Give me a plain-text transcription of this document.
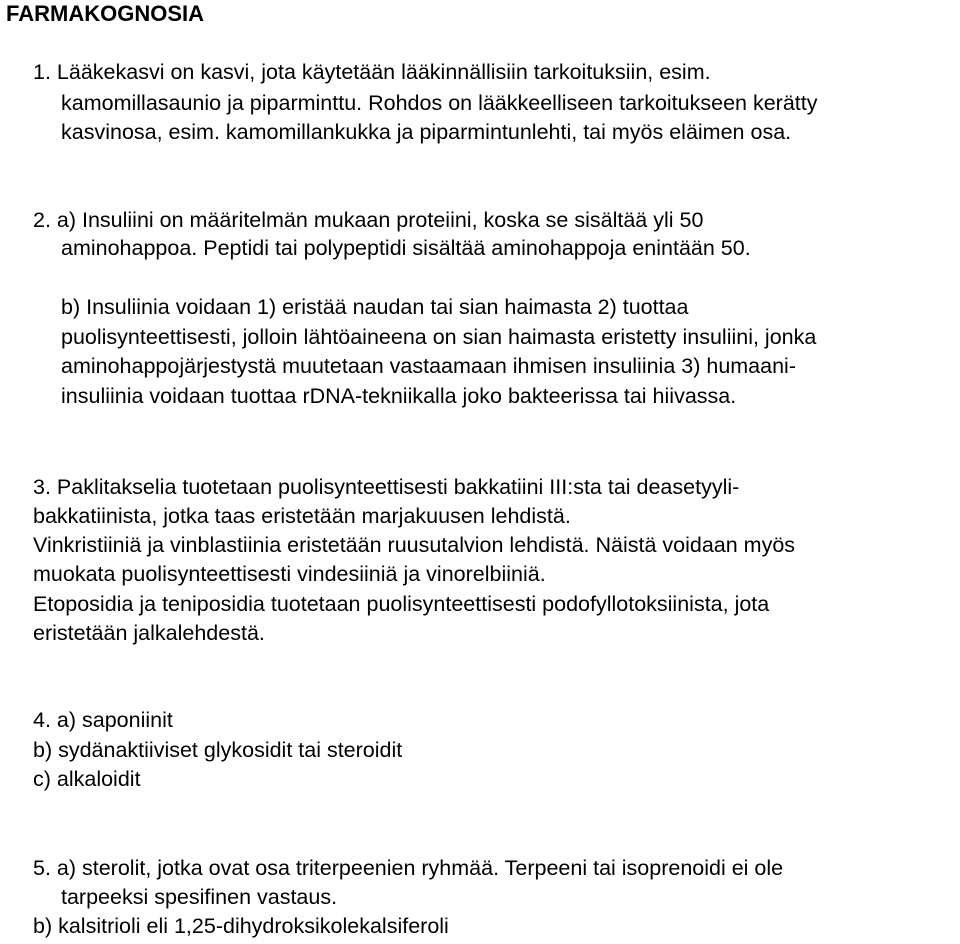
FARMAKOGNOSIA
1. Lääkekasvi on kasvi, jota käytetään lääkinnällisiin tarkoituksiin, esim.
kamomillasaunio ja piparminttu. Rohdos on lääkkeelliseen tarkoitukseen kerätty
kasvinosa, esim. kamomillankukka ja piparmintunlehti, tai myös eläimen osa.
2. a) Insuliini on määritelmän mukaan proteiini, koska se sisältää yli 50
aminohappoa. Peptidi tai polypeptidi sisältää aminohappoja enintään 50.
b) Insuliinia voidaan 1) eristää naudan tai sian haimasta 2) tuottaa
puolisynteettisesti, jolloin lähtöaineena on sian haimasta eristetty insuliini, jonka
aminohappojärjestystä muutetaan vastaamaan ihmisen insuliinia 3) humaani-
insuliinia voidaan tuottaa rDNA-tekniikalla joko bakteerissa tai hiivassa.
3. Paklitakselia tuotetaan puolisynteettisesti bakkatiini III:sta tai deasetyyli-
bakkatiinista, jotka taas eristetään marjakuusen lehdistä.
Vinkristiiniä ja vinblastiinia eristetään ruusutalvion lehdistä. Näistä voidaan myös
muokata puolisynteettisesti vindesiiniä ja vinorelbiiniä.
Etoposidia ja teniposidia tuotetaan puolisynteettisesti podofyllotoksiinista, jota
eristetään jalkalehdestä.
4. a) saponiinit
b) sydänaktiiviset glykosidit tai steroidit
c) alkaloidit
5. a) sterolit, jotka ovat osa triterpeenien ryhmää. Terpeeni tai isoprenoidi ei ole
tarpeeksi spesifinen vastaus.
b) kalsitrioli eli 1,25-dihydroksikolekalsiferoli
